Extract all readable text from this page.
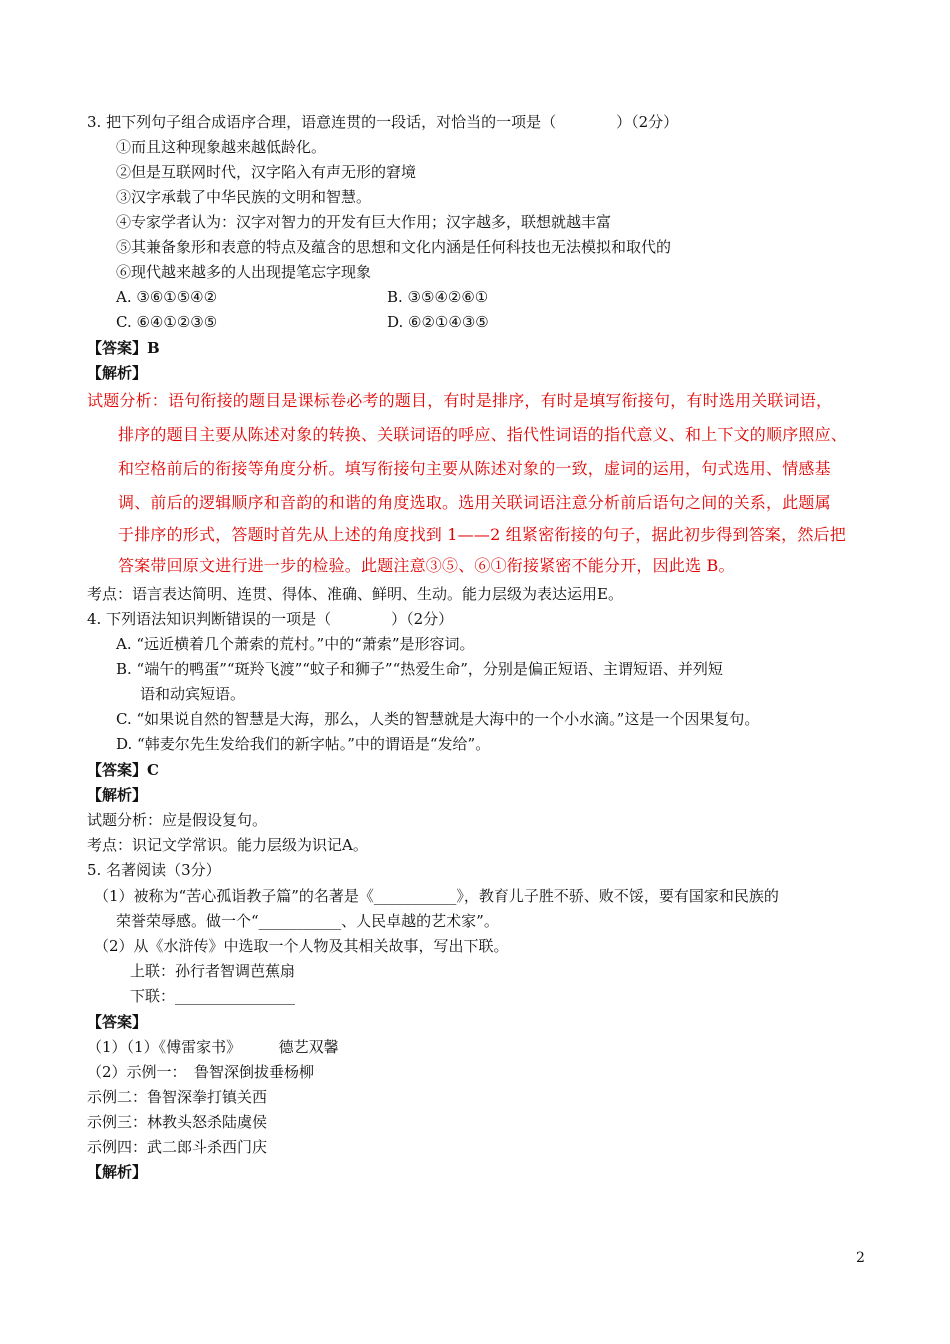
3. 把下列句子组合成语序合理，语意连贯的一段话，对恰当的一项是（　　　　）（2分）
①而且这种现象越来越低龄化。
②但是互联网时代，汉字陷入有声无形的窘境
③汉字承载了中华民族的文明和智慧。
④专家学者认为：汉字对智力的开发有巨大作用；汉字越多，联想就越丰富
⑤其兼备象形和表意的特点及蕴含的思想和文化内涵是任何科技也无法模拟和取代的
⑥现代越来越多的人出现提笔忘字现象
A. ③⑥①⑤④②	B. ③⑤④②⑥①
C. ⑥④①②③⑤	D. ⑥②①④③⑤
【答案】B
【解析】
试题分析：语句衔接的题目是课标卷必考的题目，有时是排序，有时是填写衔接句，有时选用关联词语，
排序的题目主要从陈述对象的转换、关联词语的呼应、指代性词语的指代意义、和上下文的顺序照应、
和空格前后的衔接等角度分析。填写衔接句主要从陈述对象的一致，虚词的运用，句式选用、情感基
调、前后的逻辑顺序和音韵的和谐的角度选取。选用关联词语注意分析前后语句之间的关系，此题属
于排序的形式，答题时首先从上述的角度找到 1——2 组紧密衔接的句子，据此初步得到答案，然后把
答案带回原文进行进一步的检验。此题注意③⑤、⑥①衔接紧密不能分开，因此选 B。
考点：语言表达简明、连贯、得体、准确、鲜明、生动。能力层级为表达运用E。
4. 下列语法知识判断错误的一项是（　　　　）（2分）
A. “远近横着几个萧索的荒村。”中的“萧索”是形容词。
B. “端午的鸭蛋”“斑羚飞渡”“蚊子和狮子”“热爱生命”，分别是偏正短语、主谓短语、并列短
语和动宾短语。
C. “如果说自然的智慧是大海，那么，人类的智慧就是大海中的一个小水滴。”这是一个因果复句。
D. “韩麦尔先生发给我们的新字帖。”中的谓语是“发给”。
【答案】C
【解析】
试题分析：应是假设复句。
考点：识记文学常识。能力层级为识记A。
5. 名著阅读（3分）
（1）被称为“苦心孤诣教子篇”的名著是《___________》，教育儿子胜不骄、败不馁，要有国家和民族的
荣誉荣辱感。做一个“___________、人民卓越的艺术家”。
（2）从《水浒传》中选取一个人物及其相关故事，写出下联。
上联：孙行者智调芭蕉扇
下联：________________
【答案】
（1）（1）《傅雷家书》　　　德艺双馨
（2）示例一：　鲁智深倒拔垂杨柳
示例二：鲁智深拳打镇关西
示例三：林教头怒杀陆虞侯
示例四：武二郎斗杀西门庆
【解析】
2
